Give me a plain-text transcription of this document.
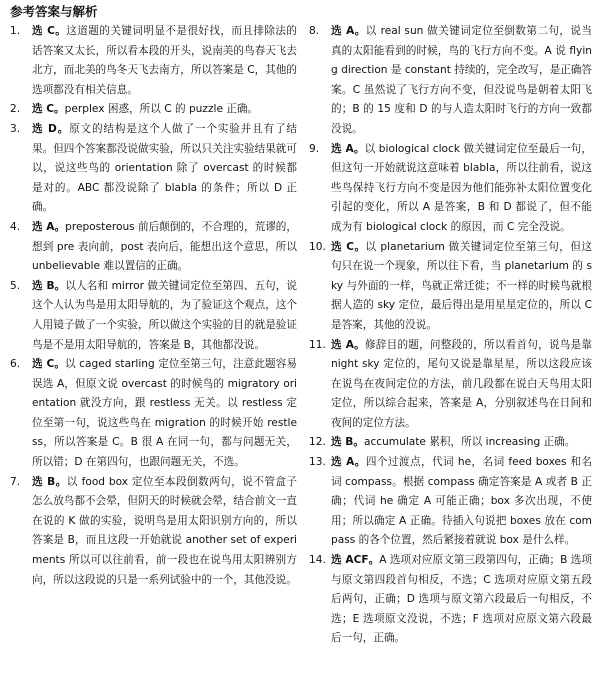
参考答案与解析
1.	选 C。这道题的关键词明显不是很好找，而且排除法的话答案又太长，所以看本段的开头，说南美的鸟春天飞去北方，而北美的鸟冬天飞去南方，所以答案是 C，其他的选项都没有相关信息。
2.	选 C。perplex 困惑，所以 C 的 puzzle 正确。
3.	选 D。原文的结构是这个人做了一个实验并且有了结果。但四个答案都没说做实验，所以只关注实验结果就可以，说这些鸟的 orientation 除了 overcast 的时候都是对的。ABC 都没说除了 blabla 的条件；所以 D 正确。
4.	选 A。preposterous 前后颠倒的，不合理的，荒谬的，想到 pre 表向前，post 表向后，能想出这个意思，所以 unbelievable 难以置信的正确。
5.	选 B。以人名和 mirror 做关键词定位至第四、五句，说这个人认为鸟是用太阳导航的，为了验证这个观点，这个人用镜子做了一个实验，所以做这个实验的目的就是验证鸟是不是用太阳导航的，答案是 B，其他都没说。
6.	选 C。以 caged starling 定位至第三句，注意此题容易误选 A，但原文说 overcast 的时候鸟的 migratory orientation 就没方向，跟 restless 无关。以 restless 定位至第一句，说这些鸟在 migration 的时候开始 restless，所以答案是 C。B 很 A 在同一句，都与问题无关，所以错；D 在第四句，也跟问题无关，不选。
7.	选 B。以 food box 定位至本段倒数两句，说不管盒子怎么放鸟都不会晕，但阴天的时候就会晕，结合前文一直在说的 K 做的实验，说明鸟是用太阳识别方向的，所以答案是 B，而且这段一开始就说 another set of experiments 所以可以往前看，前一段也在说鸟用太阳辨别方向，所以这段说的只是一系列试验中的一个，其他没说。
8.	选 A。以 real sun 做关键词定位至倒数第二句，说当真的太阳能看到的时候，鸟的飞行方向不变。A 说 flying direction 是 constant 持续的，完全改写，是正确答案。C 虽然说了飞行方向不变，但没说鸟是朝着太阳飞的；B 的 15 度和 D 的与人造太阳时飞行的方向一致都没说。
9.	选 A。以 biological clock 做关键词定位至最后一句，但这句一开始就说这意味着 blabla，所以往前看，说这些鸟保持飞行方向不变是因为他们能弥补太阳位置变化引起的变化，所以 A 是答案，B 和 D 都说了，但不能成为有 biological clock 的原因，而 C 完全没说。
10. 选 C。以 planetarium 做关键词定位至第三句，但这句只在说一个现象，所以往下看，当 planetarium 的 sky 与外面的一样，鸟就正常迁徙；不一样的时候鸟就根据人造的 sky 定位，最后得出是用星星定位的，所以 C 是答案，其他的没说。
11. 选 A。修辞目的题，问整段的，所以看首句，说鸟是靠 night sky 定位的，尾句又说是靠星星，所以这段应该在说鸟在夜间定位的方法，前几段都在说白天鸟用太阳定位，所以综合起来，答案是 A，分别叙述鸟在日间和夜间的定位方法。
12. 选 B。accumulate 累积，所以 increasing 正确。
13. 选 A。四个过渡点，代词 he，名词 feed boxes 和名词 compass。根据 compass 确定答案是 A 或者 B 正确；代词 he 确定 A 可能正确；box 多次出现，不使用；所以确定 A 正确。待插入句说把 boxes 放在 compass 的各个位置，然后紧接着就说 box 是什么样。
14. 选 ACF。A 选项对应原文第三段第四句，正确；B 选项与原文第四段首句相反，不选；C 选项对应原文第五段后两句，正确；D 选项与原文第六段最后一句相反，不选；E 选项原文没说，不选；F 选项对应原文第六段最后一句，正确。
